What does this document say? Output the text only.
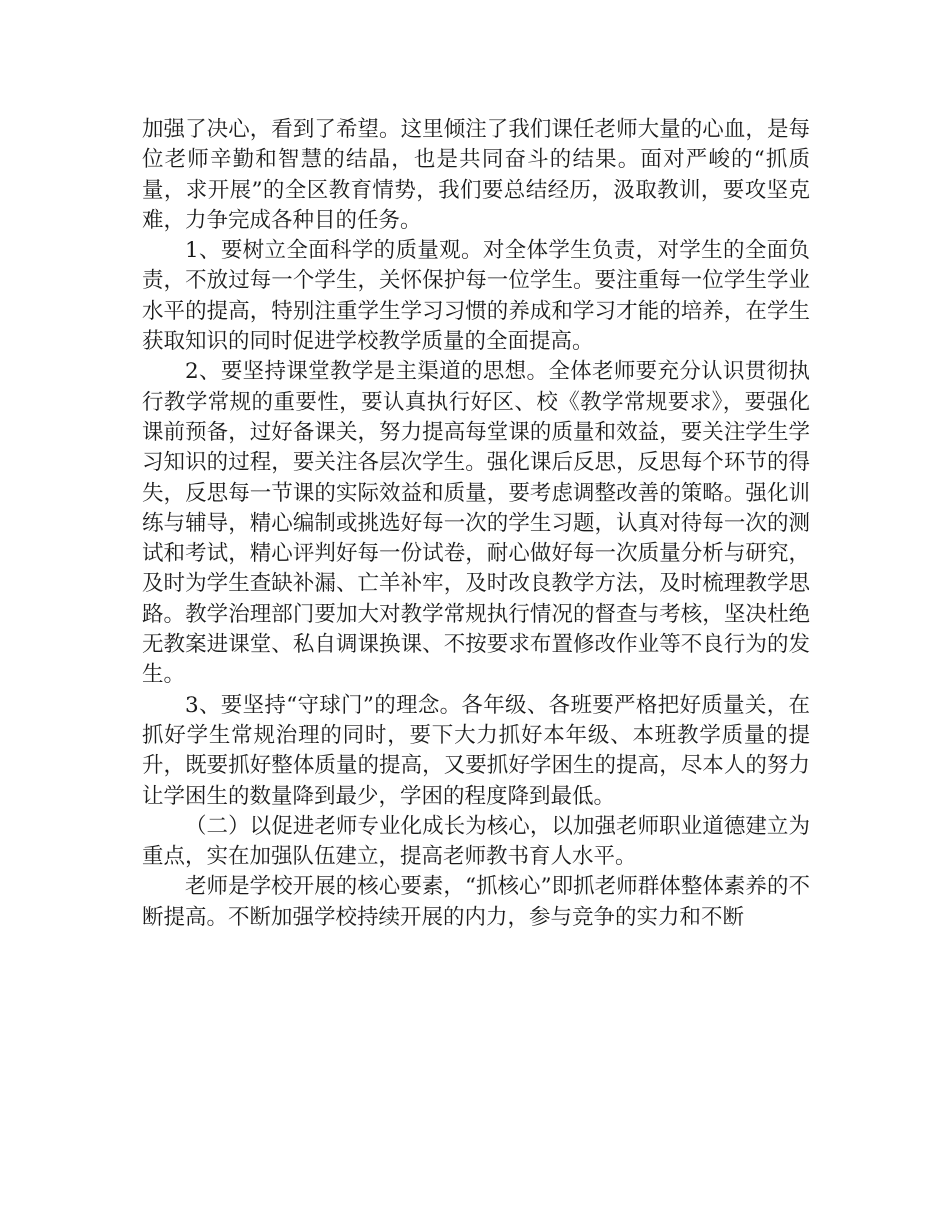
加强了决心，看到了希望。这里倾注了我们课任老师大量的心血，是每位老师辛勤和智慧的结晶，也是共同奋斗的结果。面对严峻的“抓质量，求开展”的全区教育情势，我们要总结经历，汲取教训，要攻坚克难，力争完成各种目的任务。

1、要树立全面科学的质量观。对全体学生负责，对学生的全面负责，不放过每一个学生，关怀保护每一位学生。要注重每一位学生学业水平的提高，特别注重学生学习习惯的养成和学习才能的培养，在学生获取知识的同时促进学校教学质量的全面提高。

2、要坚持课堂教学是主渠道的思想。全体老师要充分认识贯彻执行教学常规的重要性，要认真执行好区、校《教学常规要求》，要强化课前预备，过好备课关，努力提高每堂课的质量和效益，要关注学生学习知识的过程，要关注各层次学生。强化课后反思，反思每个环节的得失，反思每一节课的实际效益和质量，要考虑调整改善的策略。强化训练与辅导，精心编制或挑选好每一次的学生习题，认真对待每一次的测试和考试，精心评判好每一份试卷，耐心做好每一次质量分析与研究，及时为学生查缺补漏、亡羊补牢，及时改良教学方法，及时梳理教学思路。教学治理部门要加大对教学常规执行情况的督查与考核，坚决杜绝无教案进课堂、私自调课换课、不按要求布置修改作业等不良行为的发生。

3、要坚持“守球门”的理念。各年级、各班要严格把好质量关，在抓好学生常规治理的同时，要下大力抓好本年级、本班教学质量的提升，既要抓好整体质量的提高，又要抓好学困生的提高，尽本人的努力让学困生的数量降到最少，学困的程度降到最低。

（二）以促进老师专业化成长为核心，以加强老师职业道德建立为重点，实在加强队伍建立，提高老师教书育人水平。

老师是学校开展的核心要素，“抓核心”即抓老师群体整体素养的不断提高。不断加强学校持续开展的内力，参与竞争的实力和不断
